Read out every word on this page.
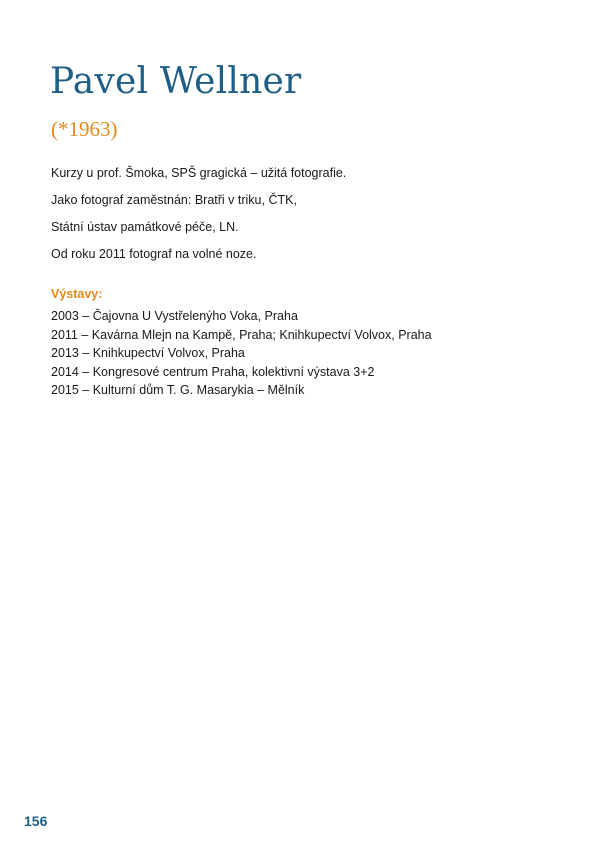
Pavel Wellner
(*1963)

Kurzy u prof. Šmoka, SPŠ gragická – užitá fotografie.

Jako fotograf zaměstnán: Bratři v triku, ČTK,

Státní ústav památkové péče, LN.

Od roku 2011 fotograf na volné noze.

Výstavy:
2003 – Čajovna U Vystřelenýho Voka, Praha
2011 – Kavárna Mlejn na Kampě, Praha; Knihkupectví Volvox, Praha
2013 – Knihkupectví Volvox, Praha
2014 – Kongresové centrum Praha, kolektivní výstava 3+2
2015 – Kulturní dům T. G. Masarykia – Mělník
156
